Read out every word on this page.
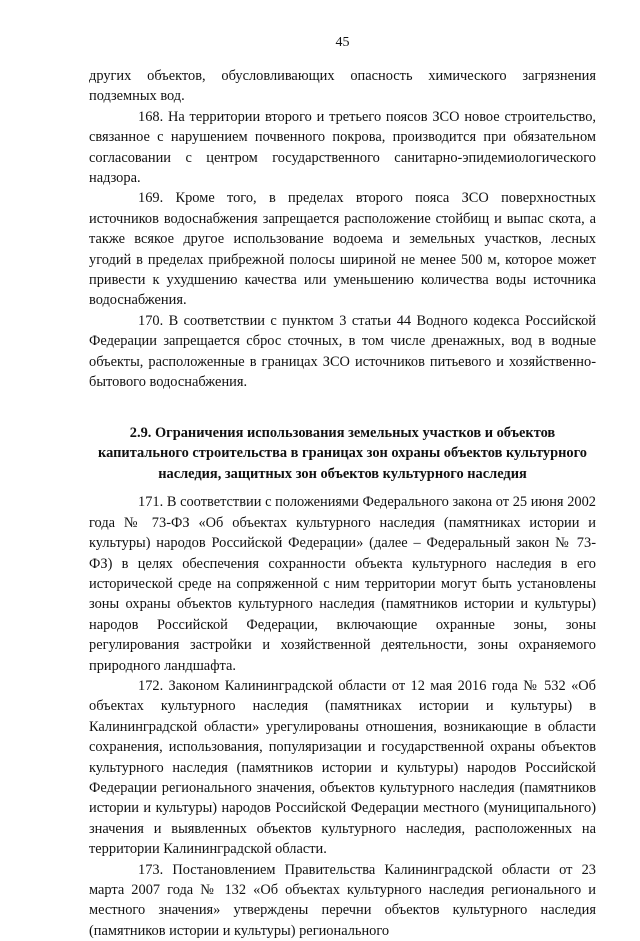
45

других объектов, обусловливающих опасность химического загрязнения подземных вод.

168. На территории второго и третьего поясов ЗСО новое строительство, связанное с нарушением почвенного покрова, производится при обязательном согласовании с центром государственного санитарно-эпидемиологического надзора.

169. Кроме того, в пределах второго пояса ЗСО поверхностных источников водоснабжения запрещается расположение стойбищ и выпас скота, а также всякое другое использование водоема и земельных участков, лесных угодий в пределах прибрежной полосы шириной не менее 500 м, которое может привести к ухудшению качества или уменьшению количества воды источника водоснабжения.

170. В соответствии с пунктом 3 статьи 44 Водного кодекса Российской Федерации запрещается сброс сточных, в том числе дренажных, вод в водные объекты, расположенные в границах ЗСО источников питьевого и хозяйственно-бытового водоснабжения.

2.9. Ограничения использования земельных участков и объектов капитального строительства в границах зон охраны объектов культурного наследия, защитных зон объектов культурного наследия

171. В соответствии с положениями Федерального закона от 25 июня 2002 года № 73-ФЗ «Об объектах культурного наследия (памятниках истории и культуры) народов Российской Федерации» (далее – Федеральный закон № 73-ФЗ) в целях обеспечения сохранности объекта культурного наследия в его исторической среде на сопряженной с ним территории могут быть установлены зоны охраны объектов культурного наследия (памятников истории и культуры) народов Российской Федерации, включающие охранные зоны, зоны регулирования застройки и хозяйственной деятельности, зоны охраняемого природного ландшафта.

172. Законом Калининградской области от 12 мая 2016 года № 532 «Об объектах культурного наследия (памятниках истории и культуры) в Калининградской области» урегулированы отношения, возникающие в области сохранения, использования, популяризации и государственной охраны объектов культурного наследия (памятников истории и культуры) народов Российской Федерации регионального значения, объектов культурного наследия (памятников истории и культуры) народов Российской Федерации местного (муниципального) значения и выявленных объектов культурного наследия, расположенных на территории Калининградской области.

173. Постановлением Правительства Калининградской области от 23 марта 2007 года № 132 «Об объектах культурного наследия регионального и местного значения» утверждены перечни объектов культурного наследия (памятников истории и культуры) регионального
